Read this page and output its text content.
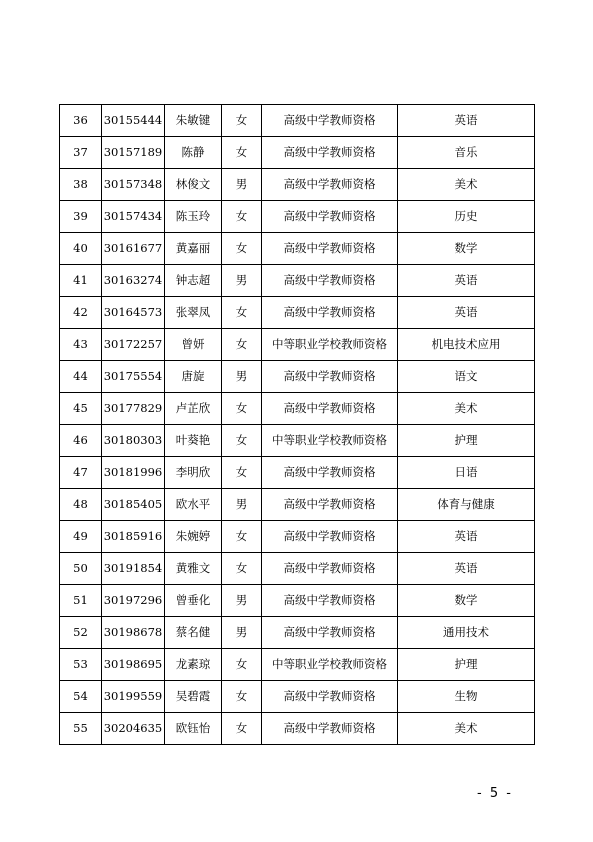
36	30155444	朱敏键	女	高级中学教师资格	英语
37	30157189	陈静	女	高级中学教师资格	音乐
38	30157348	林俊文	男	高级中学教师资格	美术
39	30157434	陈玉玲	女	高级中学教师资格	历史
40	30161677	黄嘉丽	女	高级中学教师资格	数学
41	30163274	钟志超	男	高级中学教师资格	英语
42	30164573	张翠凤	女	高级中学教师资格	英语
43	30172257	曾妍	女	中等职业学校教师资格	机电技术应用
44	30175554	唐旋	男	高级中学教师资格	语文
45	30177829	卢芷欣	女	高级中学教师资格	美术
46	30180303	叶葵艳	女	中等职业学校教师资格	护理
47	30181996	李明欣	女	高级中学教师资格	日语
48	30185405	欧水平	男	高级中学教师资格	体育与健康
49	30185916	朱婉婷	女	高级中学教师资格	英语
50	30191854	黄雅文	女	高级中学教师资格	英语
51	30197296	曾垂化	男	高级中学教师资格	数学
52	30198678	蔡名健	男	高级中学教师资格	通用技术
53	30198695	龙素琼	女	中等职业学校教师资格	护理
54	30199559	吴碧霞	女	高级中学教师资格	生物
55	30204635	欧钰怡	女	高级中学教师资格	美术
- 5 -
